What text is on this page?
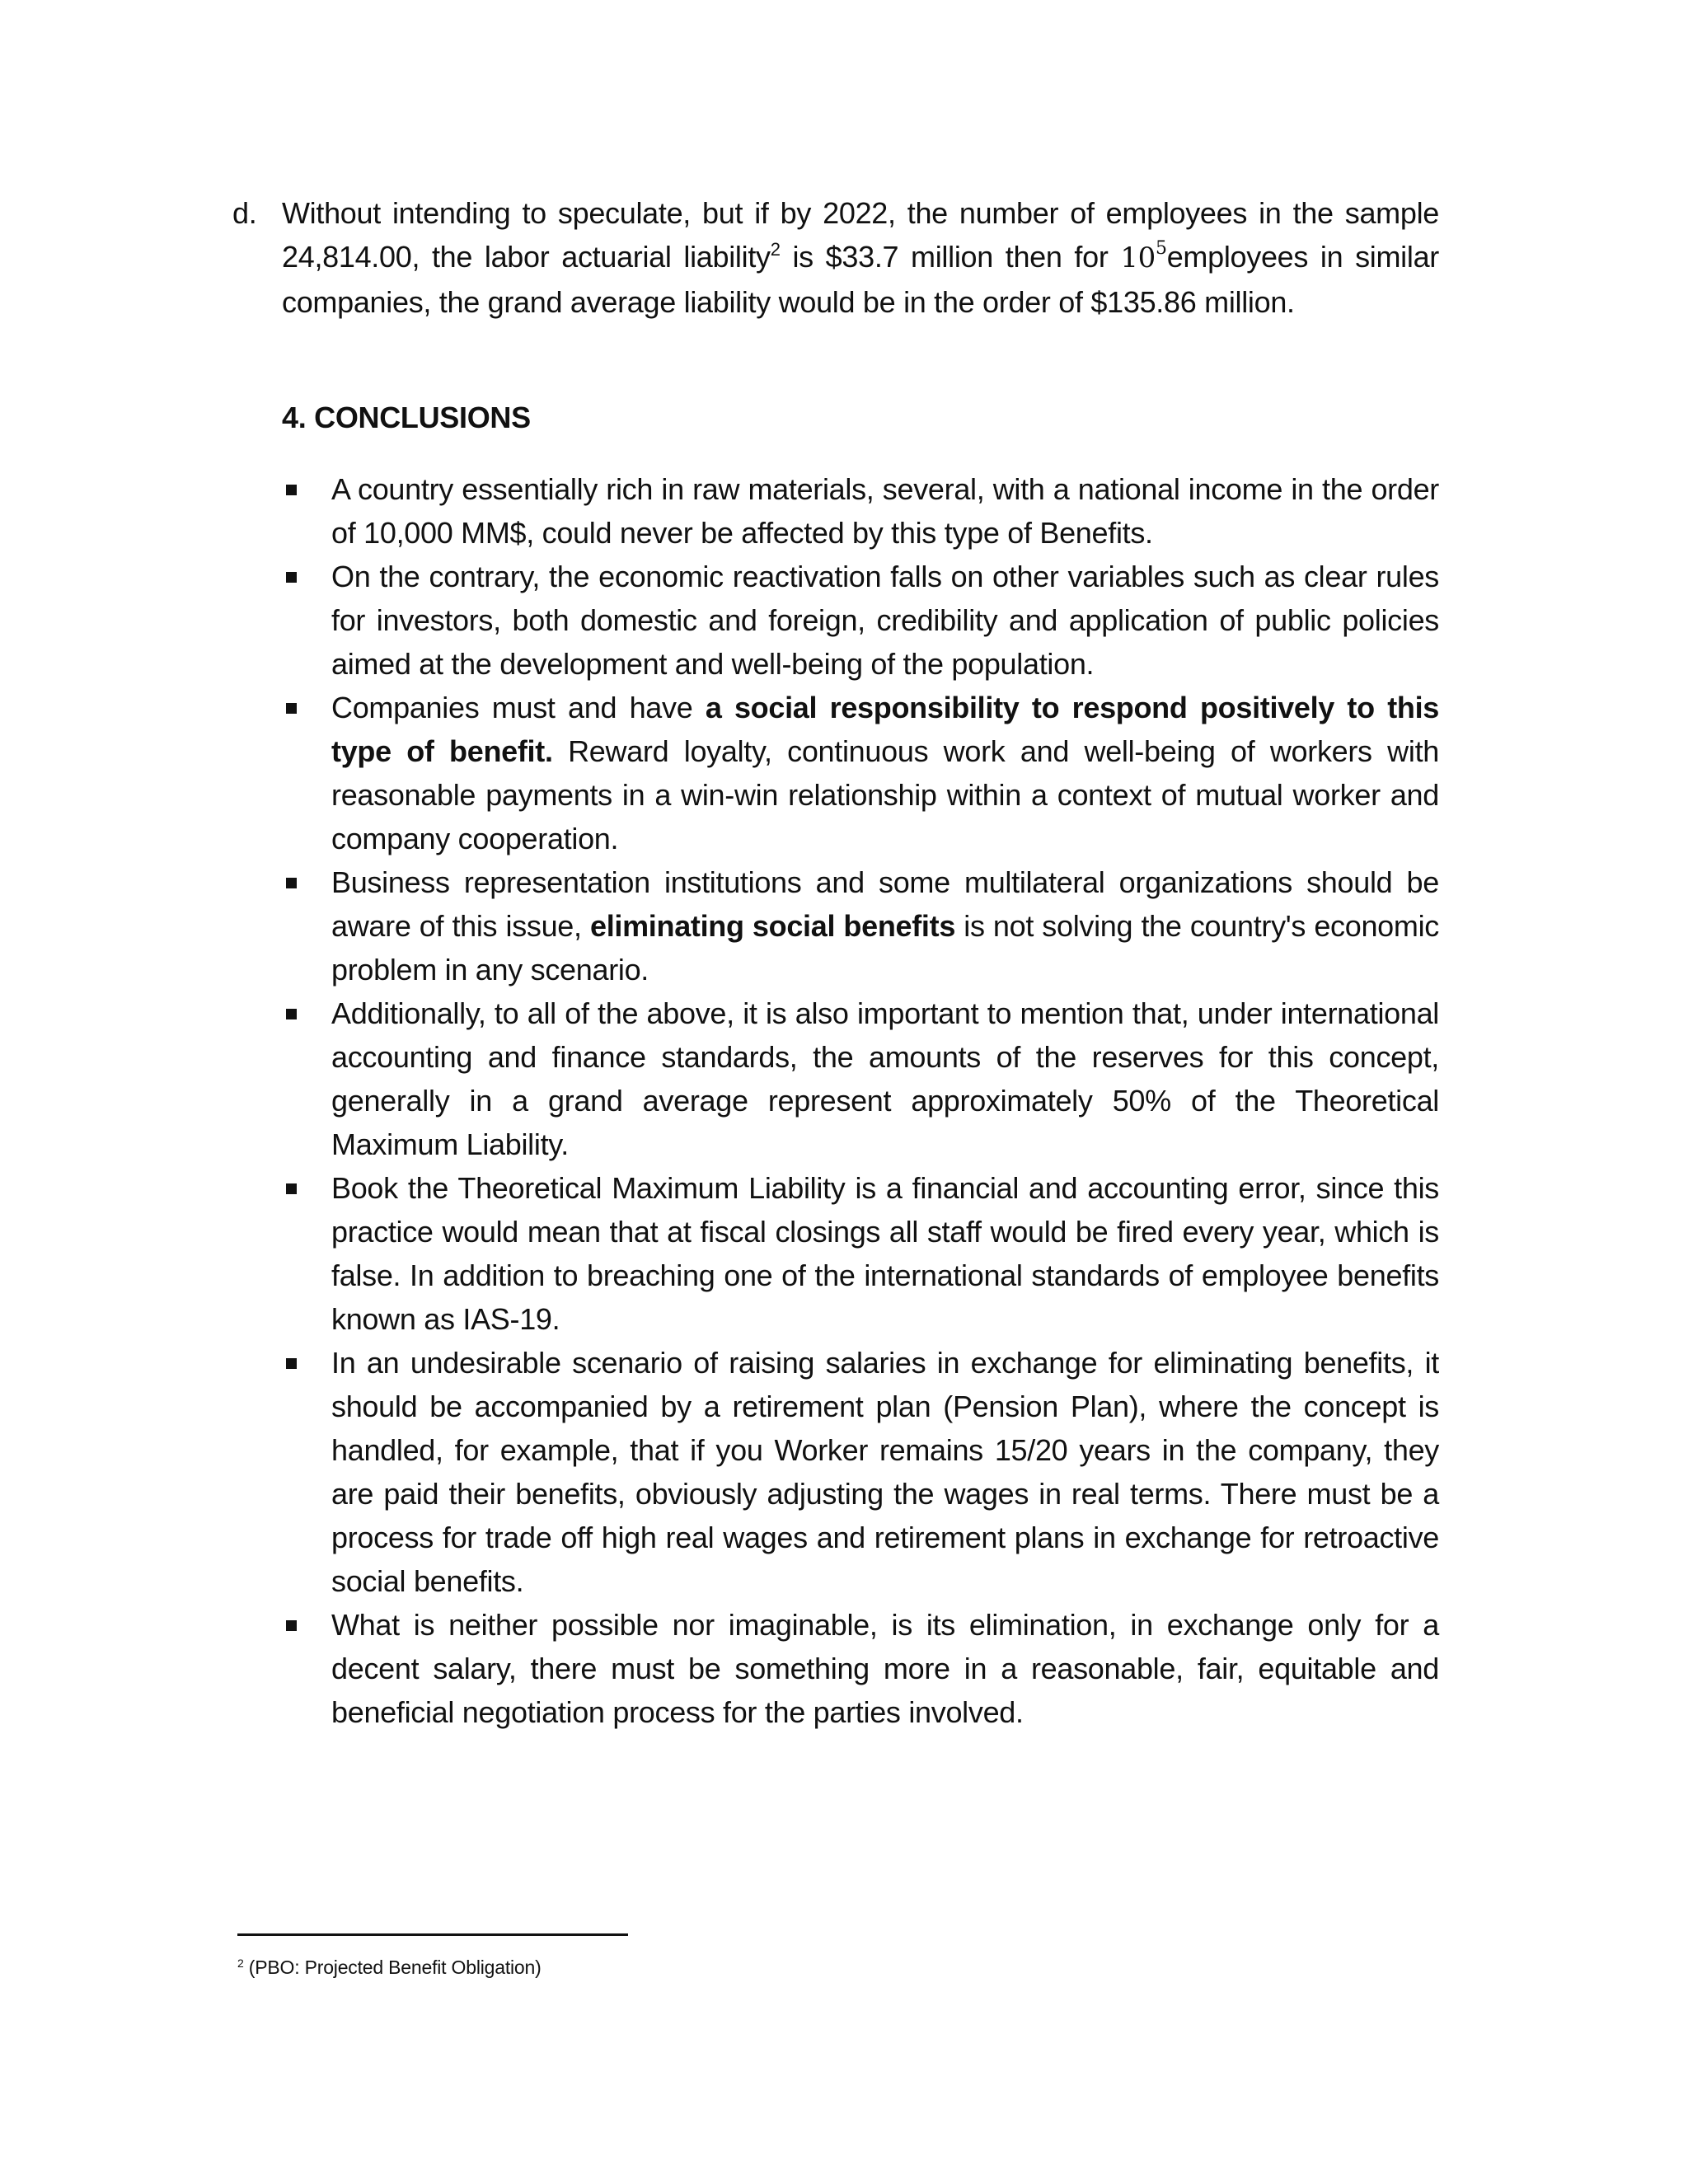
d. Without intending to speculate, but if by 2022, the number of employees in the sample 24,814.00, the labor actuarial liability$^2$ is $33.7 million then for $10^5employees$ in similar companies, the grand average liability would be in the order of $135.86 million.
4. CONCLUSIONS
A country essentially rich in raw materials, several, with a national income in the order of 10,000 MM$, could never be affected by this type of Benefits.
On the contrary, the economic reactivation falls on other variables such as clear rules for investors, both domestic and foreign, credibility and application of public policies aimed at the development and well-being of the population.
Companies must and have a social responsibility to respond positively to this type of benefit. Reward loyalty, continuous work and well-being of workers with reasonable payments in a win-win relationship within a context of mutual worker and company cooperation.
Business representation institutions and some multilateral organizations should be aware of this issue, eliminating social benefits is not solving the country's economic problem in any scenario.
Additionally, to all of the above, it is also important to mention that, under international accounting and finance standards, the amounts of the reserves for this concept, generally in a grand average represent approximately 50% of the Theoretical Maximum Liability.
Book the Theoretical Maximum Liability is a financial and accounting error, since this practice would mean that at fiscal closings all staff would be fired every year, which is false. In addition to breaching one of the international standards of employee benefits known as IAS-19.
In an undesirable scenario of raising salaries in exchange for eliminating benefits, it should be accompanied by a retirement plan (Pension Plan), where the concept is handled, for example, that if you Worker remains 15/20 years in the company, they are paid their benefits, obviously adjusting the wages in real terms. There must be a process for trade off high real wages and retirement plans in exchange for retroactive social benefits.
What is neither possible nor imaginable, is its elimination, in exchange only for a decent salary, there must be something more in a reasonable, fair, equitable and beneficial negotiation process for the parties involved.
$^2$ (PBO: Projected Benefit Obligation)
